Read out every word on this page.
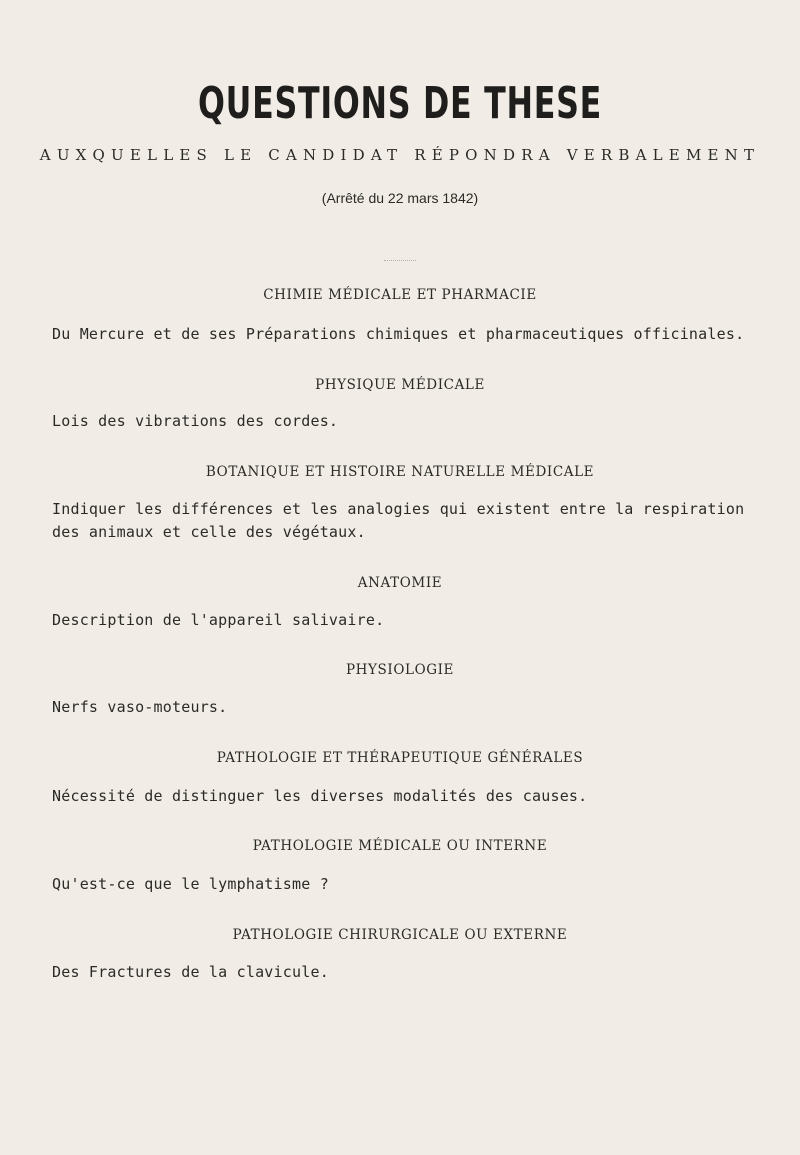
QUESTIONS DE THESE
AUXQUELLES LE CANDIDAT RÉPONDRA VERBALEMENT
(Arrêté du 22 mars 1842)
CHIMIE MÉDICALE ET PHARMACIE
Du Mercure et de ses Préparations chimiques et pharmaceutiques officinales.
PHYSIQUE MÉDICALE
Lois des vibrations des cordes.
BOTANIQUE ET HISTOIRE NATURELLE MÉDICALE
Indiquer les différences et les analogies qui existent entre la respiration des animaux et celle des végétaux.
ANATOMIE
Description de l'appareil salivaire.
PHYSIOLOGIE
Nerfs vaso-moteurs.
PATHOLOGIE ET THÉRAPEUTIQUE GÉNÉRALES
Nécessité de distinguer les diverses modalités des causes.
PATHOLOGIE MÉDICALE OU INTERNE
Qu'est-ce que le lymphatisme ?
PATHOLOGIE CHIRURGICALE OU EXTERNE
Des Fractures de la clavicule.
